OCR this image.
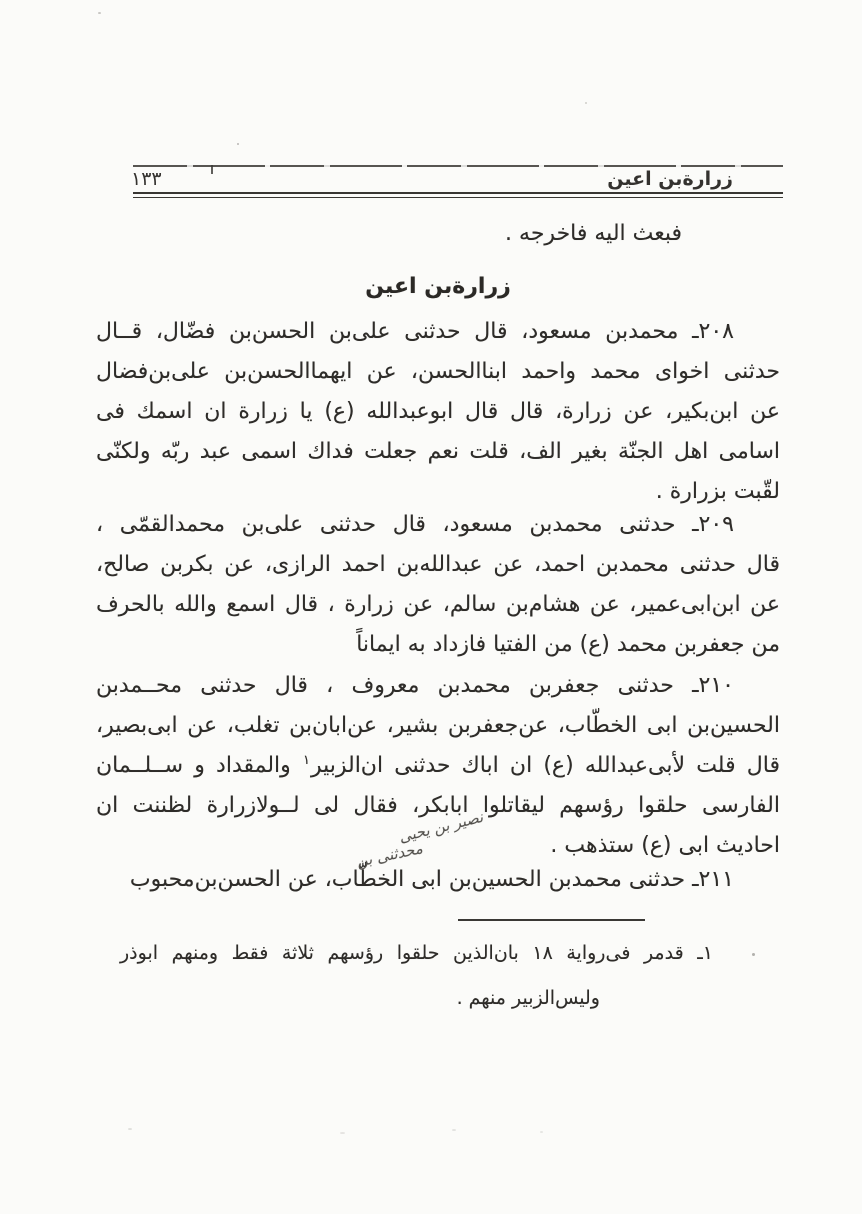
١٣٣	زرارةبن اعين
فبعث اليه فاخرجه .
زرارةبن اعين
٢٠٨ـ محمدبن مسعود، قال حدثنى على‌بن الحسن‌بن فضّال، قــال
حدثنى اخواى محمد واحمد ابناالحسن، عن ايهماالحسن‌بن على‌بن‌فضال
عن ابن‌بكير، عن زرارة، قال قال ابوعبدالله (ع) يا زرارة ان اسمك فى
اسامى اهل الجنّة بغير الف، قلت نعم جعلت فداك اسمى عبد ربّه ولكنّى
لقّبت بزرارة .
٢٠٩ـ حدثنى محمدبن مسعود، قال حدثنى على‌بن محمدالقمّى ،
قال حدثنى محمدبن احمد، عن عبدالله‌بن احمد الرازى، عن بكربن صالح،
عن ابن‌ابى‌عمير، عن هشام‌بن سالم، عن زرارة ، قال اسمع والله بالحرف
من جعفربن محمد (ع) من الفتيا فازداد به ايماناً
٢١٠ـ حدثنى جعفربن محمدبن معروف ، قال حدثنى محــمدبن
الحسين‌بن ابى الخطّاب، عن‌جعفربن بشير، عن‌ابان‌بن تغلب، عن ابى‌بصير،
قال قلت لأبى‌عبدالله (ع) ان اباك حدثنى ان‌الزبير$^١$ والمقداد و ســلــمان
الفارسى حلقوا رؤسهم ليقاتلوا ابابكر، فقال لى لــولازرارة لظننت ان
احاديث ابى (ع) ستذهب .
٢١١ـ حدثنى محمدبن الحسين‌بن ابى الخطّاب، عن الحسن‌بن‌محبوب
نصير بن يحيى
محدثنى بن
١ـ قدمر فى‌رواية ١٨ بان‌الذين حلقوا رؤسهم ثلاثة فقط ومنهم ابوذر
وليس‌الزبير منهم .
